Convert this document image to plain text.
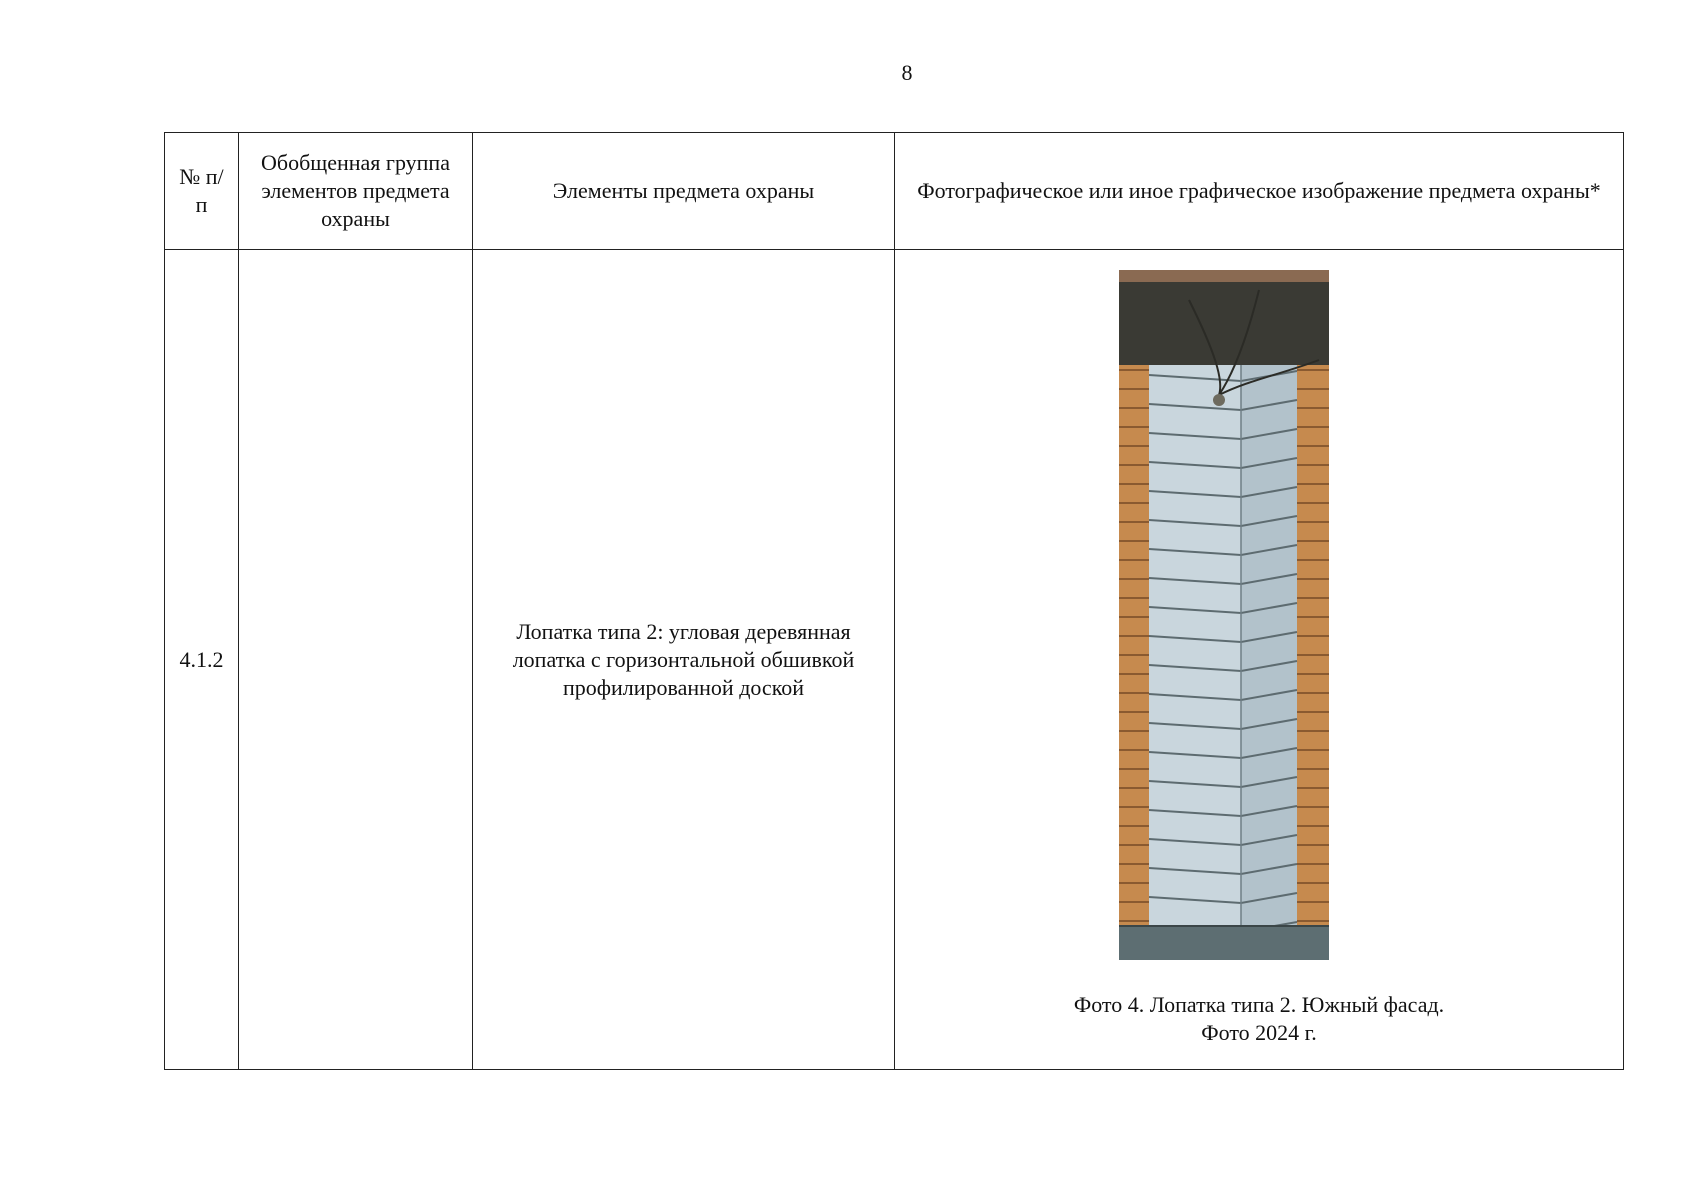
8
№ п/п	Обобщенная группа элементов предмета охраны	Элементы предмета охраны	Фотографическое или иное графическое изображение предмета охраны*
4.1.2		Лопатка типа 2: угловая деревянная лопатка с горизонтальной обшивкой профилированной доской	Фото 4. Лопатка типа 2. Южный фасад.
Фото 2024 г.
